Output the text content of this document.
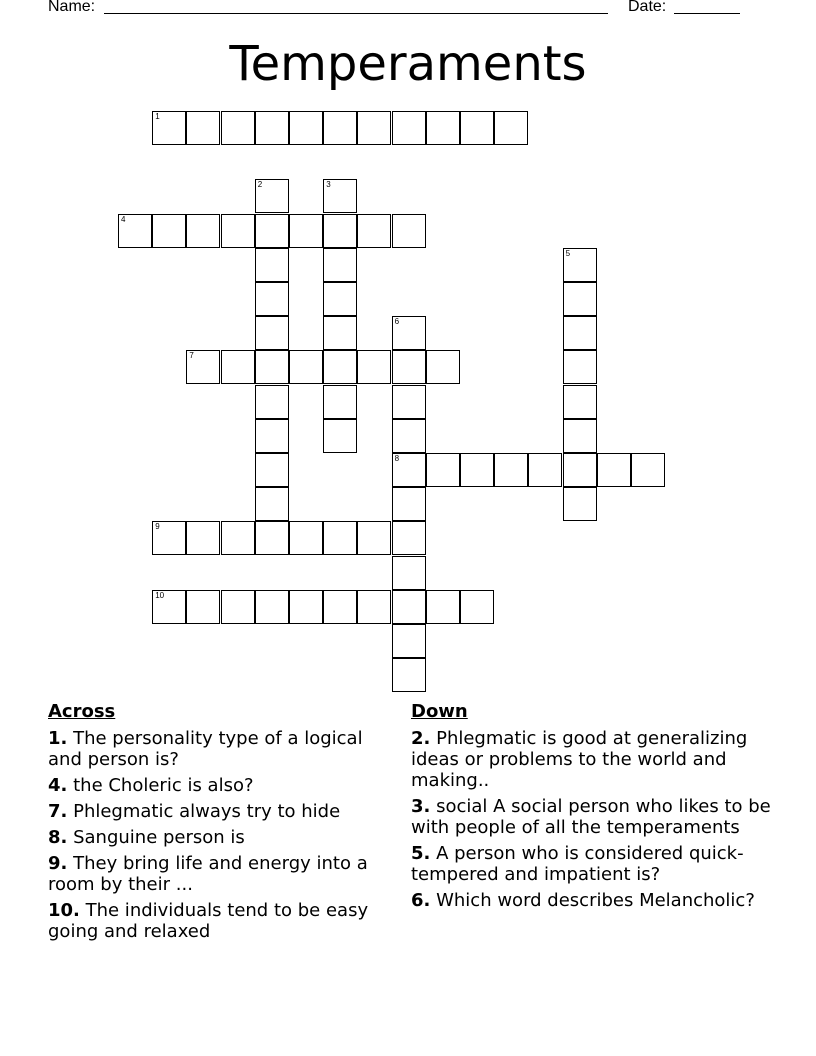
Name:	Date:
Temperaments
1
2	3
4
5
6
8
7
9
10
Across

1. The personality type of a logical and person is?

4. the Choleric is also?

7. Phlegmatic always try to hide

8. Sanguine person is

9. They bring life and energy into a room by their ...

10. The individuals tend to be easy going and relaxed

Down

2. Phlegmatic is good at generalizing ideas or problems to the world and making..

3. social A social person who likes to be with people of all the temperaments

5. A person who is considered quick-tempered and impatient is?

6. Which word describes Melancholic?
